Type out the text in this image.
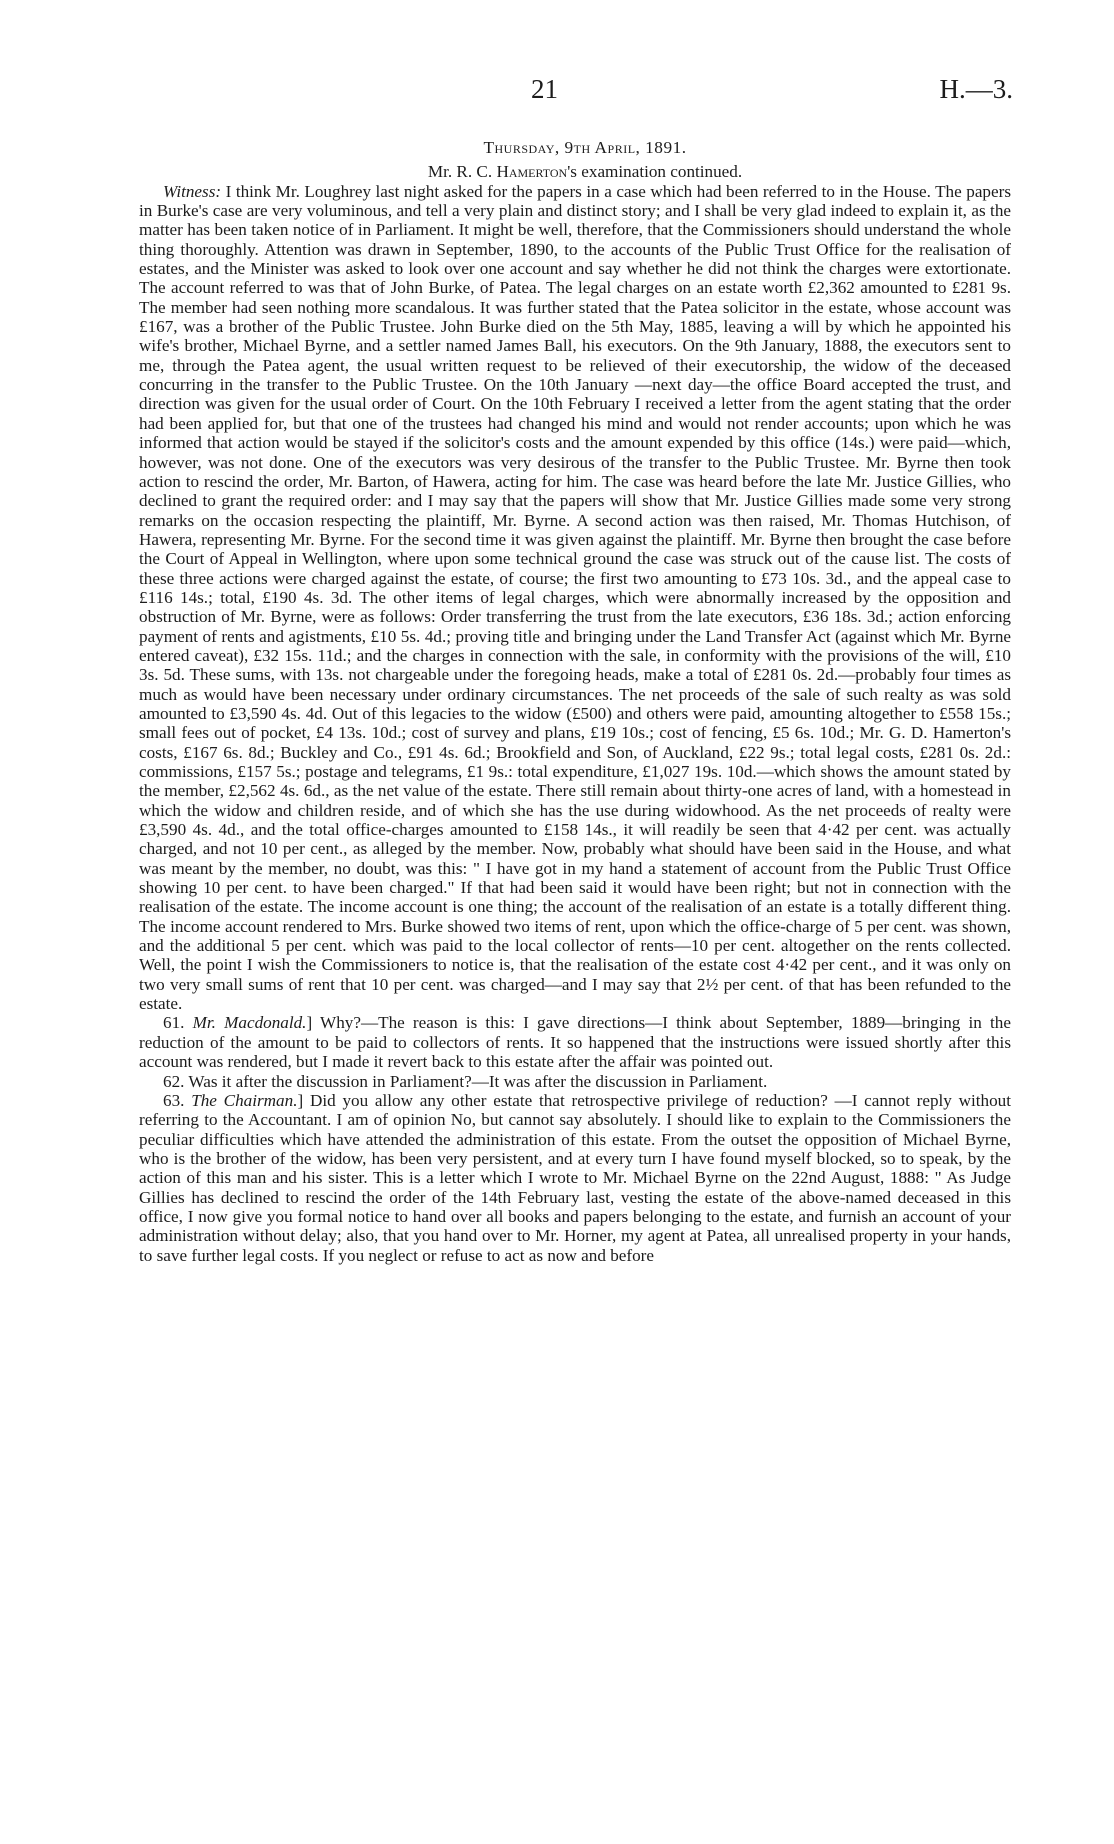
21	H.—3.
Thursday, 9th April, 1891.
Mr. R. C. Hamerton's examination continued.

Witness: I think Mr. Loughrey last night asked for the papers in a case which had been referred to in the House. The papers in Burke's case are very voluminous, and tell a very plain and distinct story; and I shall be very glad indeed to explain it, as the matter has been taken notice of in Parliament. It might be well, therefore, that the Commissioners should understand the whole thing thoroughly. Attention was drawn in September, 1890, to the accounts of the Public Trust Office for the realisation of estates, and the Minister was asked to look over one account and say whether he did not think the charges were extortionate. The account referred to was that of John Burke, of Patea. The legal charges on an estate worth £2,362 amounted to £281 9s. The member had seen nothing more scandalous. It was further stated that the Patea solicitor in the estate, whose account was £167, was a brother of the Public Trustee. John Burke died on the 5th May, 1885, leaving a will by which he appointed his wife's brother, Michael Byrne, and a settler named James Ball, his executors. On the 9th January, 1888, the executors sent to me, through the Patea agent, the usual written request to be relieved of their executorship, the widow of the deceased concurring in the transfer to the Public Trustee. On the 10th January —next day—the office Board accepted the trust, and direction was given for the usual order of Court. On the 10th February I received a letter from the agent stating that the order had been applied for, but that one of the trustees had changed his mind and would not render accounts; upon which he was informed that action would be stayed if the solicitor's costs and the amount expended by this office (14s.) were paid—which, however, was not done. One of the executors was very desirous of the transfer to the Public Trustee. Mr. Byrne then took action to rescind the order, Mr. Barton, of Hawera, acting for him. The case was heard before the late Mr. Justice Gillies, who declined to grant the required order: and I may say that the papers will show that Mr. Justice Gillies made some very strong remarks on the occasion respecting the plaintiff, Mr. Byrne. A second action was then raised, Mr. Thomas Hutchison, of Hawera, representing Mr. Byrne. For the second time it was given against the plaintiff. Mr. Byrne then brought the case before the Court of Appeal in Wellington, where upon some technical ground the case was struck out of the cause list. The costs of these three actions were charged against the estate, of course; the first two amounting to £73 10s. 3d., and the appeal case to £116 14s.; total, £190 4s. 3d. The other items of legal charges, which were abnormally increased by the opposition and obstruction of Mr. Byrne, were as follows: Order transferring the trust from the late executors, £36 18s. 3d.; action enforcing payment of rents and agistments, £10 5s. 4d.; proving title and bringing under the Land Transfer Act (against which Mr. Byrne entered caveat), £32 15s. 11d.; and the charges in connection with the sale, in conformity with the provisions of the will, £10 3s. 5d. These sums, with 13s. not chargeable under the foregoing heads, make a total of £281 0s. 2d.—probably four times as much as would have been necessary under ordinary circumstances. The net proceeds of the sale of such realty as was sold amounted to £3,590 4s. 4d. Out of this legacies to the widow (£500) and others were paid, amounting altogether to £558 15s.; small fees out of pocket, £4 13s. 10d.; cost of survey and plans, £19 10s.; cost of fencing, £5 6s. 10d.; Mr. G. D. Hamerton's costs, £167 6s. 8d.; Buckley and Co., £91 4s. 6d.; Brookfield and Son, of Auckland, £22 9s.; total legal costs, £281 0s. 2d.: commissions, £157 5s.; postage and telegrams, £1 9s.: total expenditure, £1,027 19s. 10d.—which shows the amount stated by the member, £2,562 4s. 6d., as the net value of the estate. There still remain about thirty-one acres of land, with a homestead in which the widow and children reside, and of which she has the use during widowhood. As the net proceeds of realty were £3,590 4s. 4d., and the total office-charges amounted to £158 14s., it will readily be seen that 4·42 per cent. was actually charged, and not 10 per cent., as alleged by the member. Now, probably what should have been said in the House, and what was meant by the member, no doubt, was this: " I have got in my hand a statement of account from the Public Trust Office showing 10 per cent. to have been charged." If that had been said it would have been right; but not in connection with the realisation of the estate. The income account is one thing; the account of the realisation of an estate is a totally different thing. The income account rendered to Mrs. Burke showed two items of rent, upon which the office-charge of 5 per cent. was shown, and the additional 5 per cent. which was paid to the local collector of rents—10 per cent. altogether on the rents collected. Well, the point I wish the Commissioners to notice is, that the realisation of the estate cost 4·42 per cent., and it was only on two very small sums of rent that 10 per cent. was charged—and I may say that 2½ per cent. of that has been refunded to the estate.

61. Mr. Macdonald.] Why?—The reason is this: I gave directions—I think about September, 1889—bringing in the reduction of the amount to be paid to collectors of rents. It so happened that the instructions were issued shortly after this account was rendered, but I made it revert back to this estate after the affair was pointed out.

62. Was it after the discussion in Parliament?—It was after the discussion in Parliament.

63. The Chairman.] Did you allow any other estate that retrospective privilege of reduction? —I cannot reply without referring to the Accountant. I am of opinion No, but cannot say absolutely. I should like to explain to the Commissioners the peculiar difficulties which have attended the administration of this estate. From the outset the opposition of Michael Byrne, who is the brother of the widow, has been very persistent, and at every turn I have found myself blocked, so to speak, by the action of this man and his sister. This is a letter which I wrote to Mr. Michael Byrne on the 22nd August, 1888: " As Judge Gillies has declined to rescind the order of the 14th February last, vesting the estate of the above-named deceased in this office, I now give you formal notice to hand over all books and papers belonging to the estate, and furnish an account of your administration without delay; also, that you hand over to Mr. Horner, my agent at Patea, all unrealised property in your hands, to save further legal costs. If you neglect or refuse to act as now and before
